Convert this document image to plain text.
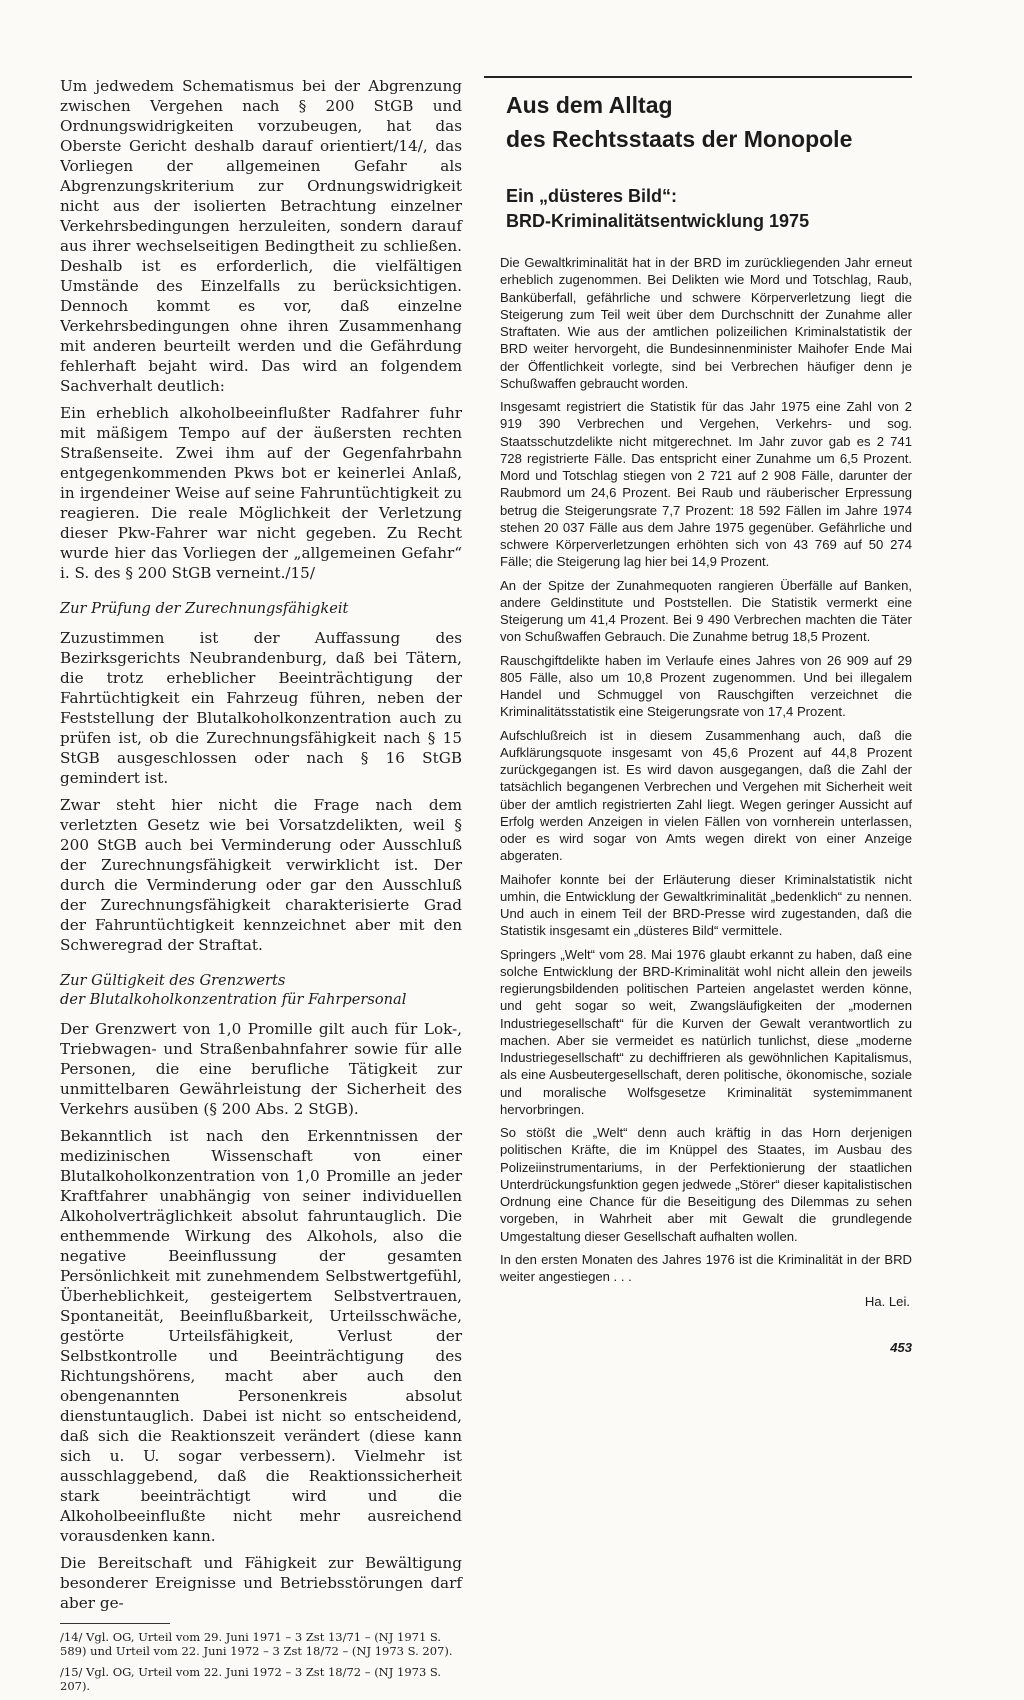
Um jedwedem Schematismus bei der Abgrenzung zwischen Vergehen nach § 200 StGB und Ordnungswidrigkeiten vorzubeugen, hat das Oberste Gericht deshalb darauf orientiert/14/, das Vorliegen der allgemeinen Gefahr als Abgrenzungskriterium zur Ordnungswidrigkeit nicht aus der isolierten Betrachtung einzelner Verkehrsbedingungen herzuleiten, sondern darauf aus ihrer wechselseitigen Bedingtheit zu schließen. Deshalb ist es erforderlich, die vielfältigen Umstände des Einzelfalls zu berücksichtigen. Dennoch kommt es vor, daß einzelne Verkehrsbedingungen ohne ihren Zusammenhang mit anderen beurteilt werden und die Gefährdung fehlerhaft bejaht wird. Das wird an folgendem Sachverhalt deutlich:

Ein erheblich alkoholbeeinflußter Radfahrer fuhr mit mäßigem Tempo auf der äußersten rechten Straßenseite. Zwei ihm auf der Gegenfahrbahn entgegenkommenden Pkws bot er keinerlei Anlaß, in irgendeiner Weise auf seine Fahruntüchtigkeit zu reagieren. Die reale Möglichkeit der Verletzung dieser Pkw-Fahrer war nicht gegeben. Zu Recht wurde hier das Vorliegen der „allgemeinen Gefahr“ i. S. des § 200 StGB verneint./15/

Zur Prüfung der Zurechnungsfähigkeit

Zuzustimmen ist der Auffassung des Bezirksgerichts Neubrandenburg, daß bei Tätern, die trotz erheblicher Beeinträchtigung der Fahrtüchtigkeit ein Fahrzeug führen, neben der Feststellung der Blutalkoholkonzentration auch zu prüfen ist, ob die Zurechnungsfähigkeit nach § 15 StGB ausgeschlossen oder nach § 16 StGB gemindert ist.

Zwar steht hier nicht die Frage nach dem verletzten Gesetz wie bei Vorsatzdelikten, weil § 200 StGB auch bei Verminderung oder Ausschluß der Zurechnungsfähigkeit verwirklicht ist. Der durch die Verminderung oder gar den Ausschluß der Zurechnungsfähigkeit charakterisierte Grad der Fahruntüchtigkeit kennzeichnet aber mit den Schweregrad der Straftat.

Zur Gültigkeit des Grenzwerts
der Blutalkoholkonzentration für Fahrpersonal

Der Grenzwert von 1,0 Promille gilt auch für Lok-, Triebwagen- und Straßenbahnfahrer sowie für alle Personen, die eine berufliche Tätigkeit zur unmittelbaren Gewährleistung der Sicherheit des Verkehrs ausüben (§ 200 Abs. 2 StGB).

Bekanntlich ist nach den Erkenntnissen der medizinischen Wissenschaft von einer Blutalkoholkonzentration von 1,0 Promille an jeder Kraftfahrer unabhängig von seiner individuellen Alkoholverträglichkeit absolut fahruntauglich. Die enthemmende Wirkung des Alkohols, also die negative Beeinflussung der gesamten Persönlichkeit mit zunehmendem Selbstwertgefühl, Überheblichkeit, gesteigertem Selbstvertrauen, Spontaneität, Beeinflußbarkeit, Urteilsschwäche, gestörte Urteilsfähigkeit, Verlust der Selbstkontrolle und Beeinträchtigung des Richtungshörens, macht aber auch den obengenannten Personenkreis absolut dienstuntauglich. Dabei ist nicht so entscheidend, daß sich die Reaktionszeit verändert (diese kann sich u. U. sogar verbessern). Vielmehr ist ausschlaggebend, daß die Reaktionssicherheit stark beeinträchtigt wird und die Alkoholbeeinflußte nicht mehr ausreichend vorausdenken kann.

Die Bereitschaft und Fähigkeit zur Bewältigung besonderer Ereignisse und Betriebsstörungen darf aber ge-

/14/ Vgl. OG, Urteil vom 29. Juni 1971 – 3 Zst 13/71 – (NJ 1971 S. 589) und Urteil vom 22. Juni 1972 – 3 Zst 18/72 – (NJ 1973 S. 207).

/15/ Vgl. OG, Urteil vom 22. Juni 1972 – 3 Zst 18/72 – (NJ 1973 S. 207).

Aus dem Alltag
des Rechtsstaats der Monopole
Ein „düsteres Bild“:
BRD-Kriminalitätsentwicklung 1975

Die Gewaltkriminalität hat in der BRD im zurückliegenden Jahr erneut erheblich zugenommen. Bei Delikten wie Mord und Totschlag, Raub, Banküberfall, gefährliche und schwere Körperverletzung liegt die Steigerung zum Teil weit über dem Durchschnitt der Zunahme aller Straftaten. Wie aus der amtlichen polizeilichen Kriminalstatistik der BRD weiter hervorgeht, die Bundesinnenminister Maihofer Ende Mai der Öffentlichkeit vorlegte, sind bei Verbrechen häufiger denn je Schußwaffen gebraucht worden.

Insgesamt registriert die Statistik für das Jahr 1975 eine Zahl von 2 919 390 Verbrechen und Vergehen, Verkehrs- und sog. Staatsschutzdelikte nicht mitgerechnet. Im Jahr zuvor gab es 2 741 728 registrierte Fälle. Das entspricht einer Zunahme um 6,5 Prozent. Mord und Totschlag stiegen von 2 721 auf 2 908 Fälle, darunter der Raubmord um 24,6 Prozent. Bei Raub und räuberischer Erpressung betrug die Steigerungsrate 7,7 Prozent: 18 592 Fällen im Jahre 1974 stehen 20 037 Fälle aus dem Jahre 1975 gegenüber. Gefährliche und schwere Körperverletzungen erhöhten sich von 43 769 auf 50 274 Fälle; die Steigerung lag hier bei 14,9 Prozent.

An der Spitze der Zunahmequoten rangieren Überfälle auf Banken, andere Geldinstitute und Poststellen. Die Statistik vermerkt eine Steigerung um 41,4 Prozent. Bei 9 490 Verbrechen machten die Täter von Schußwaffen Gebrauch. Die Zunahme betrug 18,5 Prozent.

Rauschgiftdelikte haben im Verlaufe eines Jahres von 26 909 auf 29 805 Fälle, also um 10,8 Prozent zugenommen. Und bei illegalem Handel und Schmuggel von Rauschgiften verzeichnet die Kriminalitätsstatistik eine Steigerungsrate von 17,4 Prozent.

Aufschlußreich ist in diesem Zusammenhang auch, daß die Aufklärungsquote insgesamt von 45,6 Prozent auf 44,8 Prozent zurückgegangen ist. Es wird davon ausgegangen, daß die Zahl der tatsächlich begangenen Verbrechen und Vergehen mit Sicherheit weit über der amtlich registrierten Zahl liegt. Wegen geringer Aussicht auf Erfolg werden Anzeigen in vielen Fällen von vornherein unterlassen, oder es wird sogar von Amts wegen direkt von einer Anzeige abgeraten.

Maihofer konnte bei der Erläuterung dieser Kriminalstatistik nicht umhin, die Entwicklung der Gewaltkriminalität „bedenklich“ zu nennen. Und auch in einem Teil der BRD-Presse wird zugestanden, daß die Statistik insgesamt ein „düsteres Bild“ vermittele.

Springers „Welt“ vom 28. Mai 1976 glaubt erkannt zu haben, daß eine solche Entwicklung der BRD-Kriminalität wohl nicht allein den jeweils regierungsbildenden politischen Parteien angelastet werden könne, und geht sogar so weit, Zwangsläufigkeiten der „modernen Industriegesellschaft“ für die Kurven der Gewalt verantwortlich zu machen. Aber sie vermeidet es natürlich tunlichst, diese „moderne Industriegesellschaft“ zu dechiffrieren als gewöhnlichen Kapitalismus, als eine Ausbeutergesellschaft, deren politische, ökonomische, soziale und moralische Wolfsgesetze Kriminalität systemimmanent hervorbringen.

So stößt die „Welt“ denn auch kräftig in das Horn derjenigen politischen Kräfte, die im Knüppel des Staates, im Ausbau des Polizeiinstrumentariums, in der Perfektionierung der staatlichen Unterdrückungsfunktion gegen jedwede „Störer“ dieser kapitalistischen Ordnung eine Chance für die Beseitigung des Dilemmas zu sehen vorgeben, in Wahrheit aber mit Gewalt die grundlegende Umgestaltung dieser Gesellschaft aufhalten wollen.

In den ersten Monaten des Jahres 1976 ist die Kriminalität in der BRD weiter angestiegen . . .

Ha. Lei.
453
